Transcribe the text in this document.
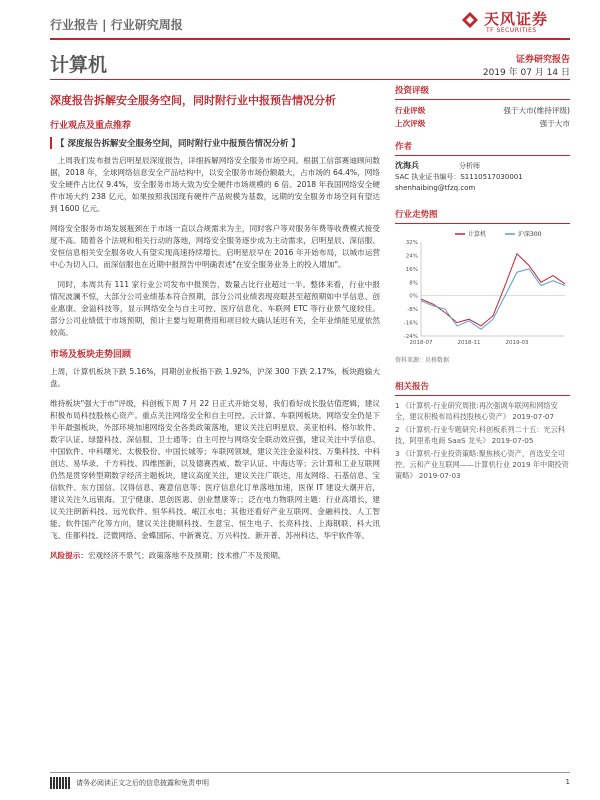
行业报告 | 行业研究周报	天风证券
TF SECURITIES
计算机	证券研究报告
2019 年 07 月 14 日
深度报告拆解安全服务空间，同时附行业中报预告情况分析
行业观点及重点推荐
【 深度报告拆解安全服务空间，同时附行业中报预告情况分析 】

上周我们发布报告启明星辰深度报告，详细拆解网络安全服务市场空间。根据工信部赛迪顾问数据，2018 年，全球网络信息安全产品结构中，以安全服务市场份额最大，占市场的 64.4%，网络安全硬件占比仅 9.4%，安全服务市场大致为安全硬件市场规模的 6 倍。2018 年我国网络安全硬件市场大约 238 亿元，如果按照我国现有硬件产品规模为基数，远期的安全服务市场空间有望达到 1600 亿元。

网络安全服务市场发展瓶颈在于市场一直以合规需求为主，同时客户等对服务年费等收费模式接受度不高。随着各个法规和相关行动的落地，网络安全服务逐步成为主动需求，启明星辰、深信服、安恒信息相关安全服务收入有望实现高速持续增长。启明星辰早在 2016 年开始布局，以城市运营中心为切入口。而深信服也在近期中报预告中明确表述"在安全服务业务上的投入增加"。

同时，本周共有 111 家行业公司发布中报预告，数量占比行业超过一半。整体来看，行业中报情况波澜不惊，大部分公司业绩基本符合预期，部分公司业绩表现亮眼甚至超预期如中孚信息、创业惠康、金溢科技等，显示网络安全与自主可控、医疗信息化、车联网 ETC 等行业景气度较佳。部分公司业绩低于市场预期，预计主要与短期费用和项目较大确认延迟有关，全年业绩能见度依然较高。

市场及板块走势回顾

上周，计算机板块下跌 5.16%，同期创业板指下跌 1.92%，沪深 300 下跌 2.17%，板块跑输大盘。

维持板块"强大于市"评级，科创板下周 7 月 22 日正式开始交易，我们看好成长股估值逻辑，建议积极布局科技股核心资产。重点关注网络安全和自主可控、云计算、车联网板块。网络安全仍是下半年最强板块，外部环境加速网络安全各类政策落地，建议关注启明星辰、美亚柏科、格尔软件、数字认证、绿盟科技、深信服、卫士通等；自主可控与网络安全联动效应强，建议关注中孚信息、中国软件、中科曙光、太极股份、中国长城等；车联网领域，建议关注金溢科技、万集科技、中科创达、易华录、千方科技、四维图新，以及德赛西威、数字认证、中海达等；云计算和工业互联网仍然是贯穿转型期数字经济主题板块，建议高度关注，建议关注广联达、用友网络、石基信息、宝信软件、东方国信、汉得信息、赛意信息等；医疗信息化订单落地加速，医保 IT 建设大潮开启，建议关注久远银海、卫宁健康、思创医惠、创业慧康等；；泛在电力物联网主题：行业高增长，建议关注朗新科技、远光软件、恒华科技、岷江水电；其他还看好产业互联网、金融科技、人工智能、软件国产化等方向，建议关注捷顺科技、生意宝、恒生电子、长亮科技、上海钢联、科大讯飞、佳都科技、泛微网络、金蝶国际、中新赛克、万兴科技、新开普、苏州科达、华宇软件等。

风险提示：宏观经济不景气；政策落地不及预期；技术推广不及预期。
投资评级
行业评级	强于大市(维持评级)
上次评级	强于大市
作者
沈海兵	分析师
SAC 执业证书编号：S1110517030001
shenhaibing@tfzq.com
行业走势图
32%
24%
16%
8%
0%
-8%
-16%
-24%
2018-07	2018-11	2019-03
计算机	沪深300
资料来源：贝格数据
相关报告
1 《计算机-行业研究周报:再次强调车联网和网络安全，建议积极布局科技股核心资产》 2019-07-07
2 《计算机-行业专题研究:科创板系列二十五：光云科技，阿里系电商 SaaS 龙头》 2019-07-05
3 《计算机-行业投资策略:聚焦核心资产，首选安全可控、云和产业互联网——计算机行业 2019 年中期投资策略》 2019-07-03
请务必阅读正文之后的信息披露和免责申明	1
